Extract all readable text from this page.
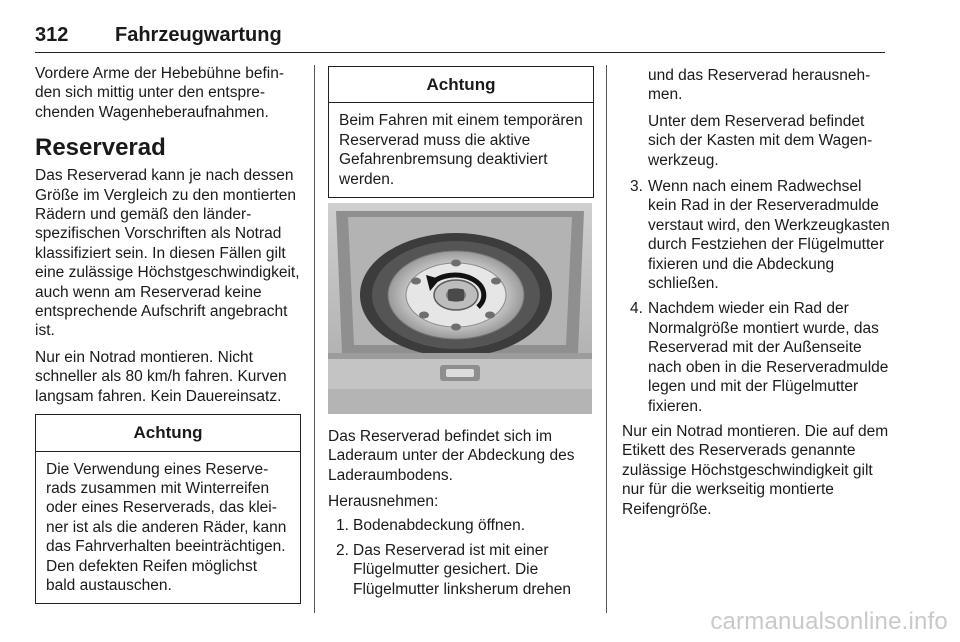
312 Fahrzeugwartung

Vordere Arme der Hebebühne befinden sich mittig unter den entsprechenden Wagenheberaufnahmen.

Reserverad

Das Reserverad kann je nach dessen Größe im Vergleich zu den montierten Rädern und gemäß den länderspezifischen Vorschriften als Notrad klassifiziert sein. In diesen Fällen gilt eine zulässige Höchstgeschwindigkeit, auch wenn am Reserverad keine entsprechende Aufschrift angebracht ist.

Nur ein Notrad montieren. Nicht schneller als 80 km/h fahren. Kurven langsam fahren. Kein Dauereinsatz.

Achtung
Die Verwendung eines Reserverads zusammen mit Winterreifen oder eines Reserverads, das kleiner ist als die anderen Räder, kann das Fahrverhalten beeinträchtigen. Den defekten Reifen möglichst bald austauschen.
Achtung
Beim Fahren mit einem temporären Reserverad muss die aktive Gefahrenbremsung deaktiviert werden.

Das Reserverad befindet sich im Laderaum unter der Abdeckung des Laderaumbodens.

Herausnehmen:

1. Bodenabdeckung öffnen.
2. Das Reserverad ist mit einer Flügelmutter gesichert. Die Flügelmutter linksherum drehen

und das Reserverad herausnehmen.

Unter dem Reserverad befindet sich der Kasten mit dem Wagenwerkzeug.

3. Wenn nach einem Radwechsel kein Rad in der Reserveradmulde verstaut wird, den Werkzeugkasten durch Festziehen der Flügelmutter fixieren und die Abdeckung schließen.
4. Nachdem wieder ein Rad der Normalgröße montiert wurde, das Reserverad mit der Außenseite nach oben in die Reserveradmulde legen und mit der Flügelmutter fixieren.

Nur ein Notrad montieren. Die auf dem Etikett des Reserverads genannte zulässige Höchstgeschwindigkeit gilt nur für die werkseitig montierte Reifengröße.

carmanualsonline.info
